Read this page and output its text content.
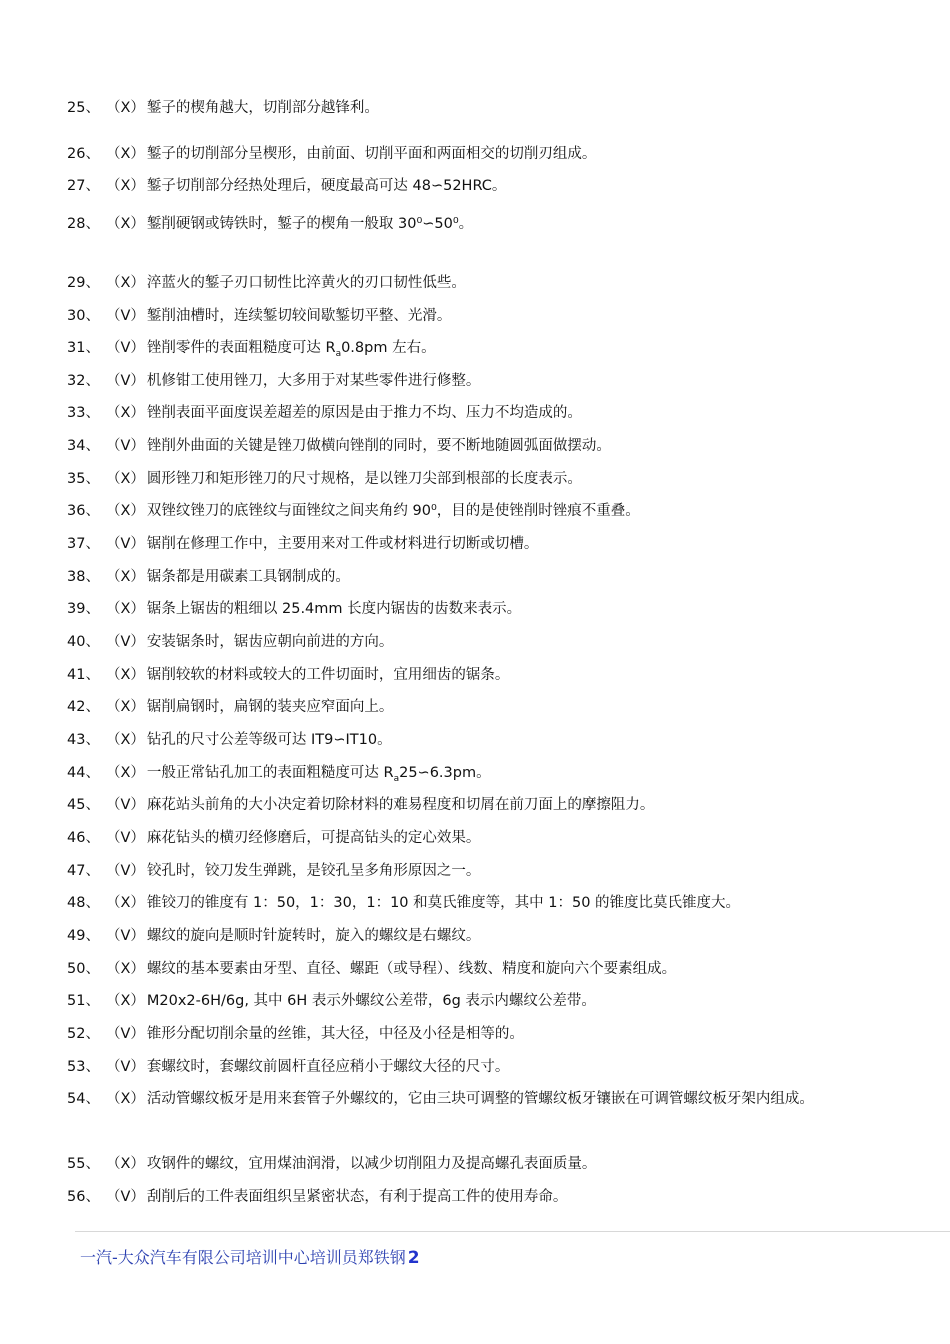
25、 （X） 錾子的楔角越大，切削部分越锋利。
26、 （X） 錾子的切削部分呈楔形，由前面、切削平面和两面相交的切削刃组成。
27、 （X） 錾子切削部分经热处理后，硬度最高可达 48∽52HRC。
28、 （X） 錾削硬钢或铸铁时，錾子的楔角一般取 30⁰∽50⁰。
29、 （X） 淬蓝火的錾子刃口韧性比淬黄火的刃口韧性低些。
30、 （V） 錾削油槽时，连续錾切较间歇錾切平整、光滑。
31、 （V） 锉削零件的表面粗糙度可达 $R_a0.8pm$ 左右。
32、 （V） 机修钳工使用锉刀，大多用于对某些零件进行修整。
33、 （X） 锉削表面平面度误差超差的原因是由于推力不均、压力不均造成的。
34、 （V） 锉削外曲面的关键是锉刀做横向锉削的同时，要不断地随圆弧面做摆动。
35、 （X） 圆形锉刀和矩形锉刀的尺寸规格，是以锉刀尖部到根部的长度表示。
36、 （X） 双锉纹锉刀的底锉纹与面锉纹之间夹角约 90⁰，目的是使锉削时锉痕不重叠。
37、 （V） 锯削在修理工作中，主要用来对工件或材料进行切断或切槽。
38、 （X） 锯条都是用碳素工具钢制成的。
39、 （X） 锯条上锯齿的粗细以 25.4mm 长度内锯齿的齿数来表示。
40、 （V） 安装锯条时，锯齿应朝向前进的方向。
41、 （X） 锯削较软的材料或较大的工件切面时，宜用细齿的锯条。
42、 （X） 锯削扁钢时，扁钢的装夹应窄面向上。
43、 （X） 钻孔的尺寸公差等级可达 IT9∽IT10。
44、 （X） 一般正常钻孔加工的表面粗糙度可达 $R_a25∽6.3pm$。
45、 （V） 麻花站头前角的大小决定着切除材料的难易程度和切屑在前刀面上的摩擦阻力。
46、 （V） 麻花钻头的横刃经修磨后，可提高钻头的定心效果。
47、 （V） 铰孔时，铰刀发生弹跳，是铰孔呈多角形原因之一。
48、 （X） 锥铰刀的锥度有 1：50，1：30，1：10 和莫氏锥度等，其中 1：50 的锥度比莫氏锥度大。
49、 （V） 螺纹的旋向是顺时针旋转时，旋入的螺纹是右螺纹。
50、 （X） 螺纹的基本要素由牙型、直径、螺距（或导程）、线数、精度和旋向六个要素组成。
51、 （X） M20x2-6H/6g, 其中 6H 表示外螺纹公差带，6g 表示内螺纹公差带。
52、 （V） 锥形分配切削余量的丝锥，其大径，中径及小径是相等的。
53、 （V） 套螺纹时，套螺纹前圆杆直径应稍小于螺纹大径的尺寸。
54、 （X） 活动管螺纹板牙是用来套管子外螺纹的，它由三块可调整的管螺纹板牙镶嵌在可调管螺纹板牙架内组成。
55、 （X） 攻钢件的螺纹，宜用煤油润滑，以减少切削阻力及提高螺孔表面质量。
56、 （V） 刮削后的工件表面组织呈紧密状态，有利于提高工件的使用寿命。
一汽-大众汽车有限公司培训中心培训员郑铁钢 2
